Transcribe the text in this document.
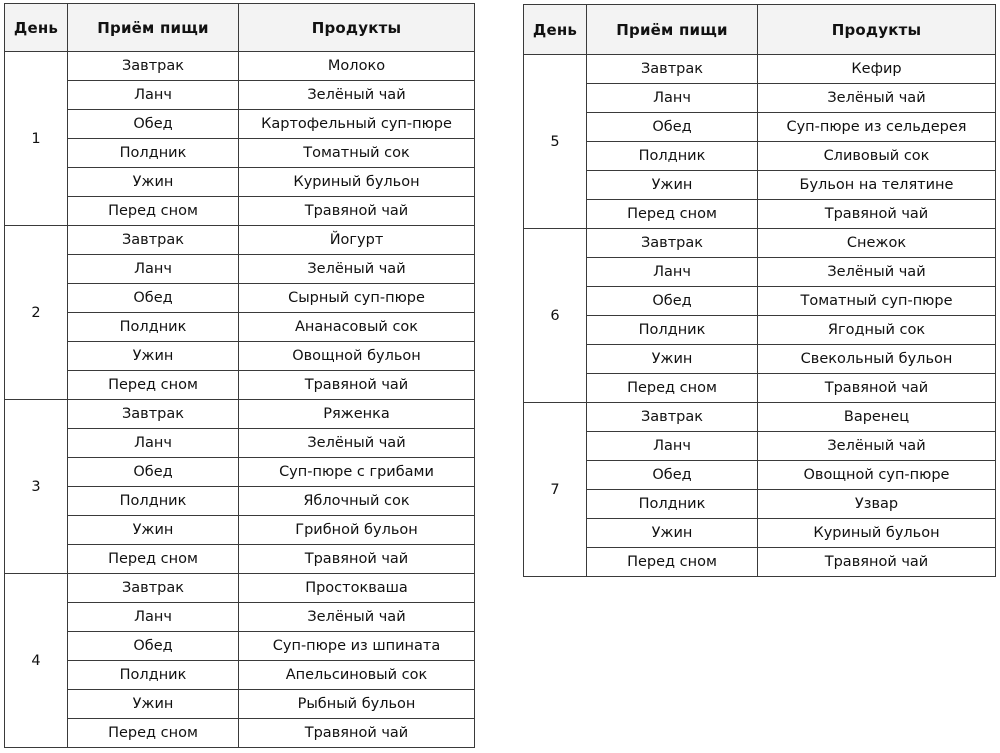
День	Приём пищи	Продукты
1	Завтрак	Молоко
	Ланч	Зелёный чай
	Обед	Картофельный суп-пюре
	Полдник	Томатный сок
	Ужин	Куриный бульон
	Перед сном	Травяной чай
2	Завтрак	Йогурт
	Ланч	Зелёный чай
	Обед	Сырный суп-пюре
	Полдник	Ананасовый сок
	Ужин	Овощной бульон
	Перед сном	Травяной чай
3	Завтрак	Ряженка
	Ланч	Зелёный чай
	Обед	Суп-пюре с грибами
	Полдник	Яблочный сок
	Ужин	Грибной бульон
	Перед сном	Травяной чай
4	Завтрак	Простокваша
	Ланч	Зелёный чай
	Обед	Суп-пюре из шпината
	Полдник	Апельсиновый сок
	Ужин	Рыбный бульон
	Перед сном	Травяной чай
День	Приём пищи	Продукты
5	Завтрак	Кефир
	Ланч	Зелёный чай
	Обед	Суп-пюре из сельдерея
	Полдник	Сливовый сок
	Ужин	Бульон на телятине
	Перед сном	Травяной чай
6	Завтрак	Снежок
	Ланч	Зелёный чай
	Обед	Томатный суп-пюре
	Полдник	Ягодный сок
	Ужин	Свекольный бульон
	Перед сном	Травяной чай
7	Завтрак	Варенец
	Ланч	Зелёный чай
	Обед	Овощной суп-пюре
	Полдник	Узвар
	Ужин	Куриный бульон
	Перед сном	Травяной чай
